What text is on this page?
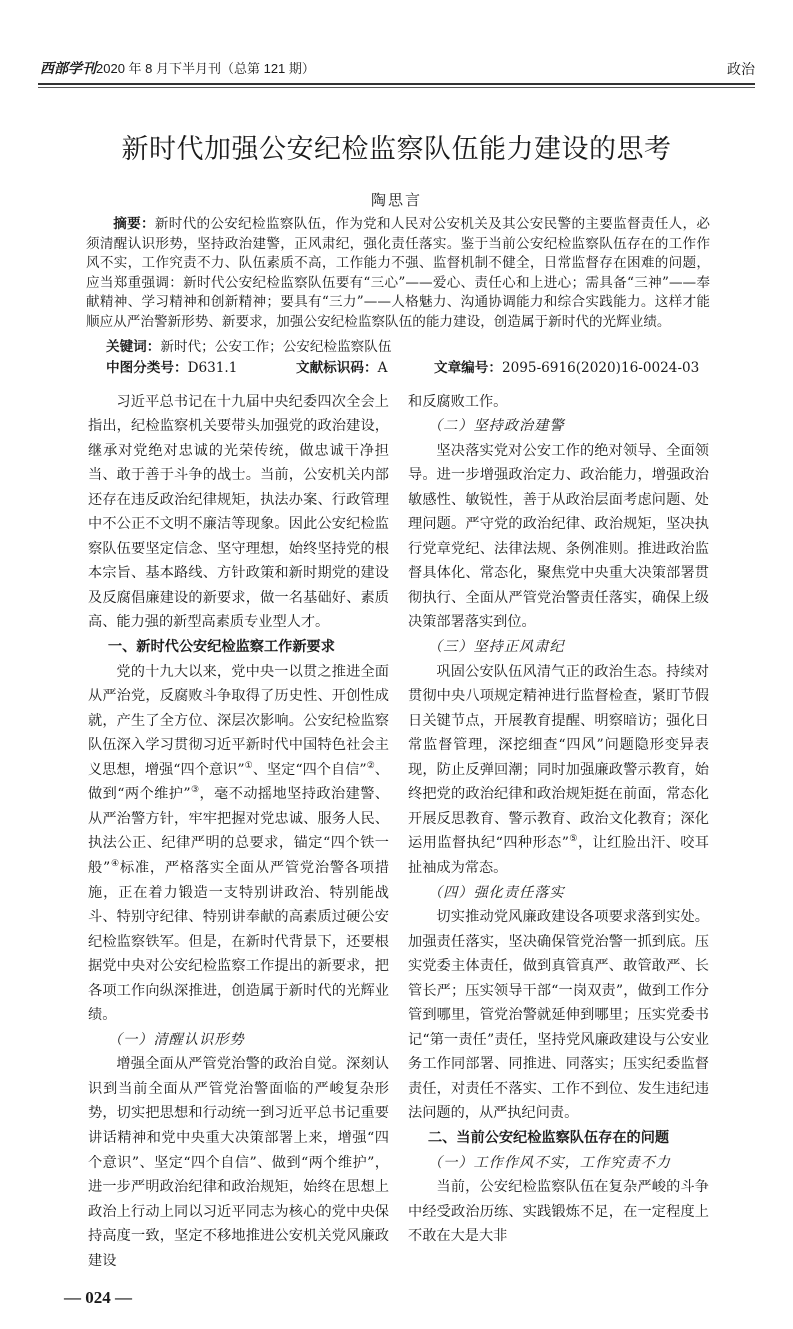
西部学刊2020 年 8 月下半月刊（总第 121 期）	政治
新时代加强公安纪检监察队伍能力建设的思考
陶思言
摘要：新时代的公安纪检监察队伍，作为党和人民对公安机关及其公安民警的主要监督责任人，必须清醒认识形势，坚持政治建警，正风肃纪，强化责任落实。鉴于当前公安纪检监察队伍存在的工作作风不实，工作究责不力、队伍素质不高，工作能力不强、监督机制不健全，日常监督存在困难的问题，应当郑重强调：新时代公安纪检监察队伍要有“三心”——爱心、责任心和上进心；需具备“三神”——奉献精神、学习精神和创新精神；要具有“三力”——人格魅力、沟通协调能力和综合实践能力。这样才能顺应从严治警新形势、新要求，加强公安纪检监察队伍的能力建设，创造属于新时代的光辉业绩。
关键词：新时代；公安工作；公安纪检监察队伍
中图分类号：D631.1	文献标识码：A	文章编号：2095-6916(2020)16-0024-03

习近平总书记在十九届中央纪委四次全会上指出，纪检监察机关要带头加强党的政治建设，继承对党绝对忠诚的光荣传统，做忠诚干净担当、敢于善于斗争的战士。当前，公安机关内部还存在违反政治纪律规矩，执法办案、行政管理中不公正不文明不廉洁等现象。因此公安纪检监察队伍要坚定信念、坚守理想，始终坚持党的根本宗旨、基本路线、方针政策和新时期党的建设及反腐倡廉建设的新要求，做一名基础好、素质高、能力强的新型高素质专业型人才。

一、新时代公安纪检监察工作新要求

党的十九大以来，党中央一以贯之推进全面从严治党，反腐败斗争取得了历史性、开创性成就，产生了全方位、深层次影响。公安纪检监察队伍深入学习贯彻习近平新时代中国特色社会主义思想，增强“四个意识”①、坚定“四个自信”②、做到“两个维护”③，毫不动摇地坚持政治建警、从严治警方针，牢牢把握对党忠诚、服务人民、执法公正、纪律严明的总要求，锚定“四个铁一般”④标准，严格落实全面从严管党治警各项措施，正在着力锻造一支特别讲政治、特别能战斗、特别守纪律、特别讲奉献的高素质过硬公安纪检监察铁军。但是，在新时代背景下，还要根据党中央对公安纪检监察工作提出的新要求，把各项工作向纵深推进，创造属于新时代的光辉业绩。

（一）清醒认识形势

增强全面从严管党治警的政治自觉。深刻认识到当前全面从严管党治警面临的严峻复杂形势，切实把思想和行动统一到习近平总书记重要讲话精神和党中央重大决策部署上来，增强“四个意识”、坚定“四个自信”、做到“两个维护”，进一步严明政治纪律和政治规矩，始终在思想上政治上行动上同以习近平同志为核心的党中央保持高度一致，坚定不移地推进公安机关党风廉政建设

和反腐败工作。

（二）坚持政治建警

坚决落实党对公安工作的绝对领导、全面领导。进一步增强政治定力、政治能力，增强政治敏感性、敏锐性，善于从政治层面考虑问题、处理问题。严守党的政治纪律、政治规矩，坚决执行党章党纪、法律法规、条例准则。推进政治监督具体化、常态化，聚焦党中央重大决策部署贯彻执行、全面从严管党治警责任落实，确保上级决策部署落实到位。

（三）坚持正风肃纪

巩固公安队伍风清气正的政治生态。持续对贯彻中央八项规定精神进行监督检查，紧盯节假日关键节点，开展教育提醒、明察暗访；强化日常监督管理，深挖细查“四风”问题隐形变异表现，防止反弹回潮；同时加强廉政警示教育，始终把党的政治纪律和政治规矩挺在前面，常态化开展反思教育、警示教育、政治文化教育；深化运用监督执纪“四种形态”⑤，让红脸出汗、咬耳扯袖成为常态。

（四）强化责任落实

切实推动党风廉政建设各项要求落到实处。加强责任落实，坚决确保管党治警一抓到底。压实党委主体责任，做到真管真严、敢管敢严、长管长严；压实领导干部“一岗双责”，做到工作分管到哪里，管党治警就延伸到哪里；压实党委书记“第一责任”责任，坚持党风廉政建设与公安业务工作同部署、同推进、同落实；压实纪委监督责任，对责任不落实、工作不到位、发生违纪违法问题的，从严执纪问责。

二、当前公安纪检监察队伍存在的问题

（一）工作作风不实，工作究责不力

当前，公安纪检监察队伍在复杂严峻的斗争中经受政治历练、实践锻炼不足，在一定程度上不敢在大是大非

— 024 —
